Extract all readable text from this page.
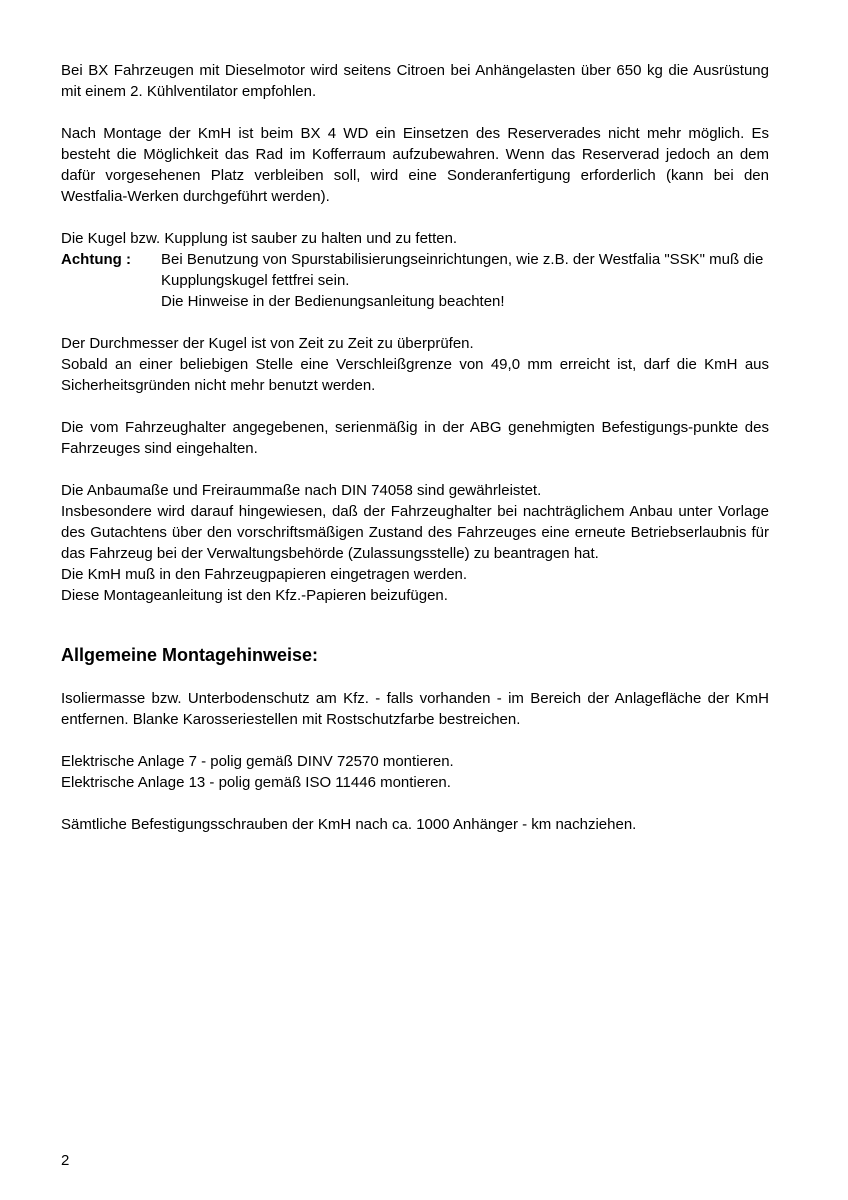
Bei BX Fahrzeugen mit Dieselmotor wird seitens Citroen bei Anhängelasten über 650 kg die Ausrüstung mit einem 2. Kühlventilator empfohlen.

Nach Montage der KmH ist beim BX 4 WD ein Einsetzen des Reserverades nicht mehr möglich. Es besteht die Möglichkeit das Rad im Kofferraum aufzubewahren. Wenn das Reserverad jedoch an dem dafür vorgesehenen Platz verbleiben soll, wird eine Sonderanfertigung erforderlich (kann bei den Westfalia-Werken durchgeführt werden).

Die Kugel bzw. Kupplung ist sauber zu halten und zu fetten.
Achtung :	Bei Benutzung von Spurstabilisierungseinrichtungen, wie z.B. der Westfalia "SSK" muß die Kupplungskugel fettfrei sein.
Die Hinweise in der Bedienungsanleitung beachten!
Der Durchmesser der Kugel ist von Zeit zu Zeit zu überprüfen.
Sobald an einer beliebigen Stelle eine Verschleißgrenze von 49,0 mm erreicht ist, darf die KmH aus Sicherheitsgründen nicht mehr benutzt werden.

Die vom Fahrzeughalter angegebenen, serienmäßig in der ABG genehmigten Befestigungs-punkte des Fahrzeuges sind eingehalten.

Die Anbaumaße und Freiraummaße nach DIN 74058 sind gewährleistet.
Insbesondere wird darauf hingewiesen, daß der Fahrzeughalter bei nachträglichem Anbau unter Vorlage des Gutachtens über den vorschriftsmäßigen Zustand des Fahrzeuges eine erneute Betriebserlaubnis für das Fahrzeug bei der Verwaltungsbehörde (Zulassungsstelle) zu beantragen hat.
Die KmH muß in den Fahrzeugpapieren eingetragen werden.
Diese Montageanleitung ist den Kfz.-Papieren beizufügen.
Allgemeine Montagehinweise:

Isoliermasse bzw. Unterbodenschutz am Kfz. - falls vorhanden - im Bereich der Anlagefläche der KmH entfernen. Blanke Karosseriestellen mit Rostschutzfarbe bestreichen.

Elektrische Anlage 7 - polig gemäß DINV 72570 montieren.
Elektrische Anlage 13 - polig gemäß ISO 11446 montieren.

Sämtliche Befestigungsschrauben der KmH nach ca. 1000 Anhänger - km nachziehen.

2
